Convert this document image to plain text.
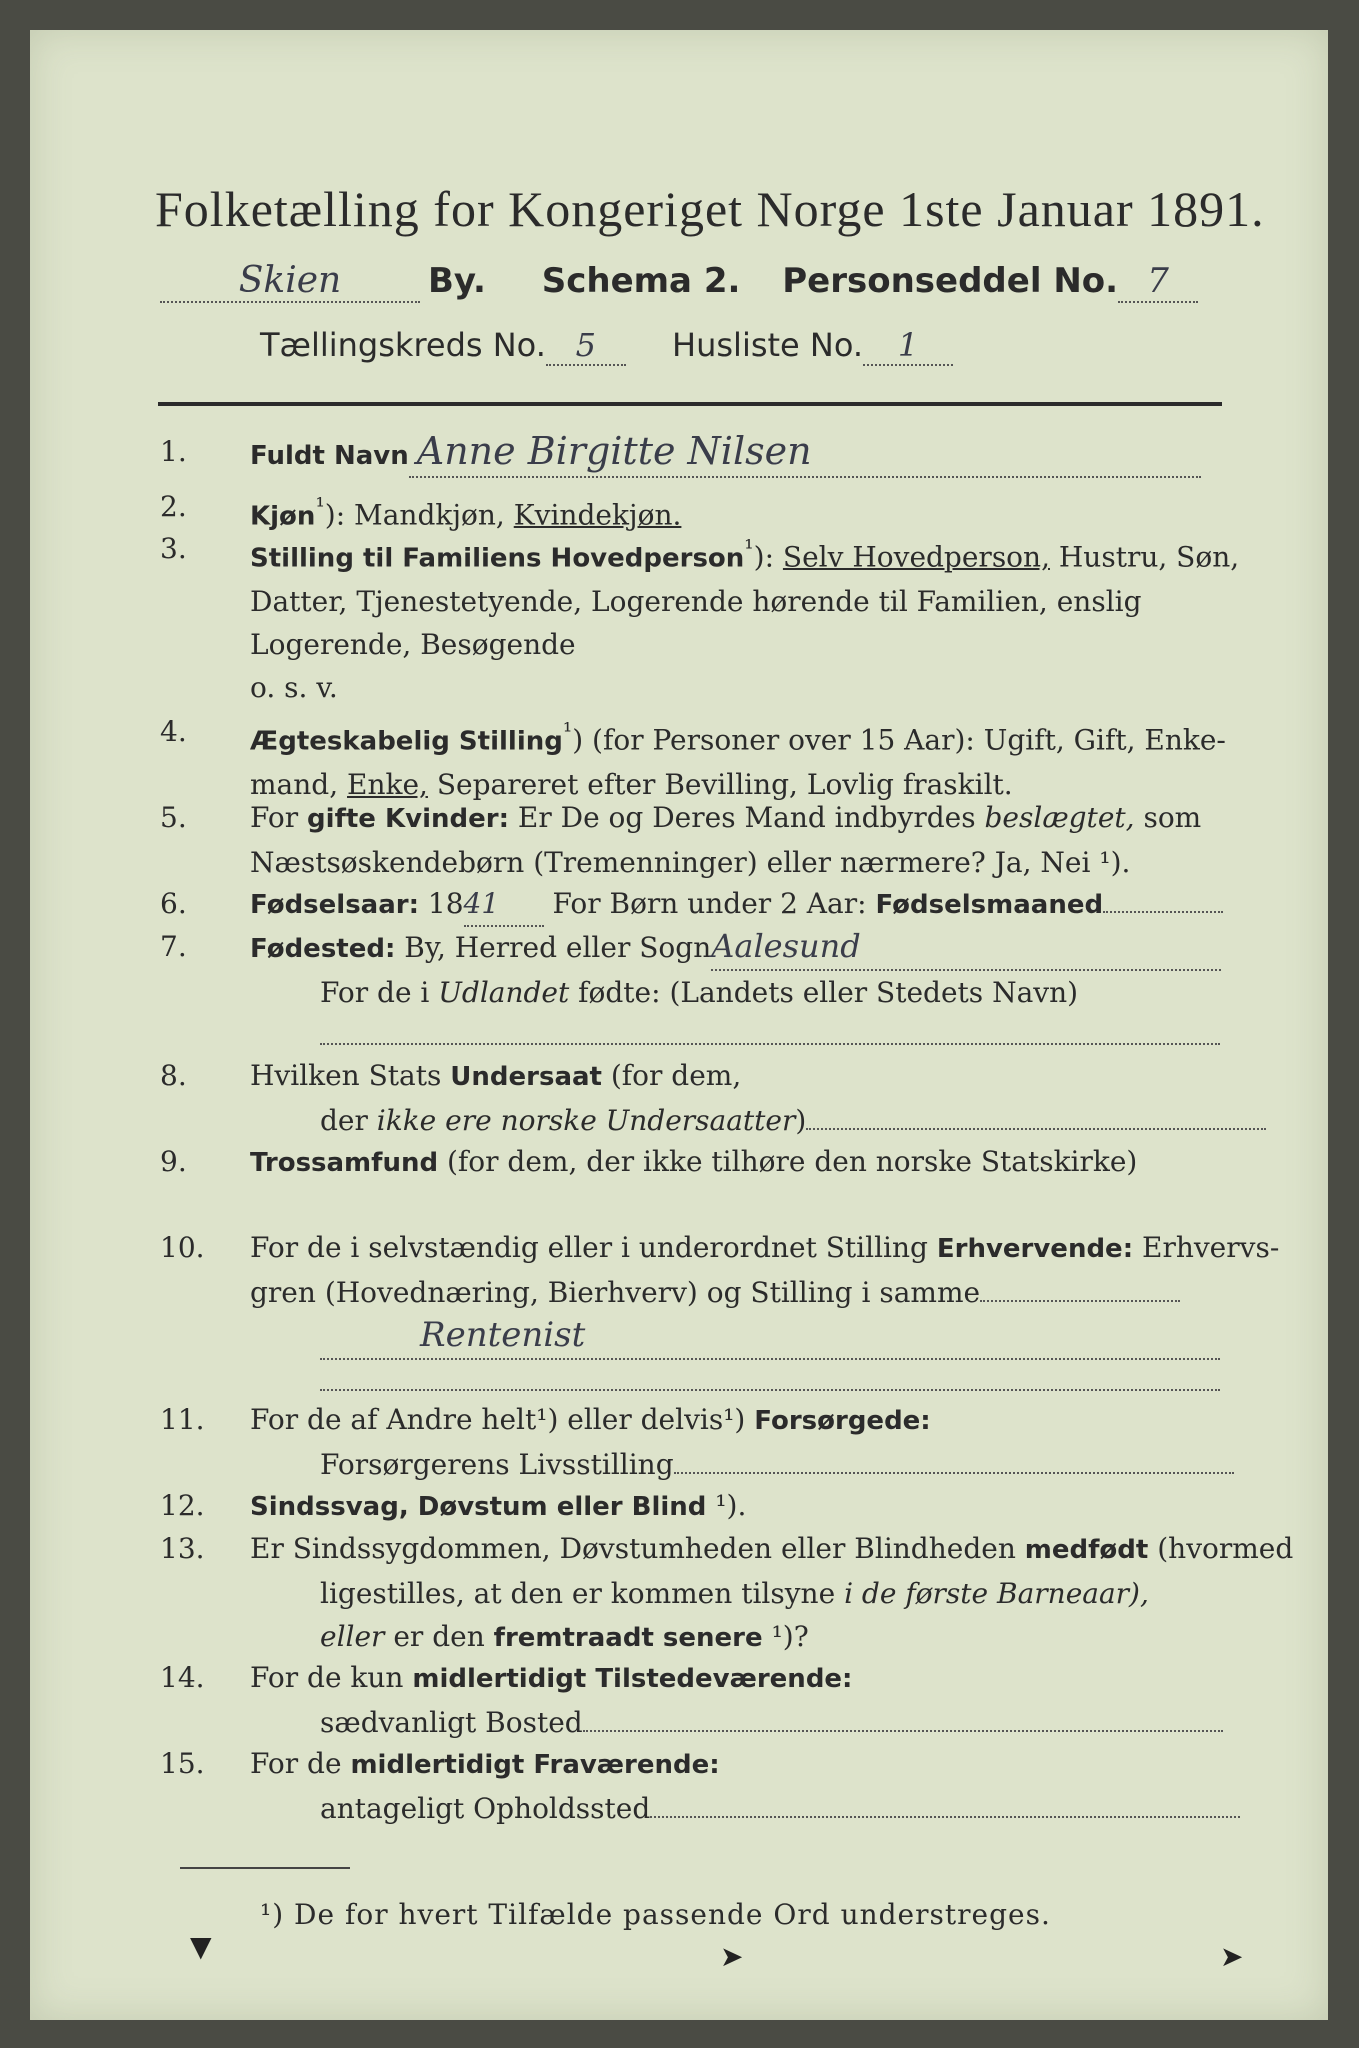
Folketælling for Kongeriget Norge 1ste Januar 1891.
Skien	By. Schema 2. Personseddel No. 7
Tællingskreds No. 5 Husliste No. 1
1.	Fuldt Navn Anne Birgitte Nilsen
2.	Kjøn$^{^1}$): Mandkjøn, Kvindekjøn.
3.	Stilling til Familiens Hovedperson$^{^1}$): Selv Hovedperson, Hustru, Søn,
Datter, Tjenestetyende, Logerende hørende til Familien, enslig
Logerende, Besøgende
o. s. v.
4.	Ægteskabelig Stilling$^{^1}$) (for Personer over 15 Aar): Ugift, Gift, Enke-
mand, Enke, Separeret efter Bevilling, Lovlig fraskilt.
5.	For gifte Kvinder: Er De og Deres Mand indbyrdes beslægtet, som
Næstsøskendebørn (Tremenninger) eller nærmere? Ja, Nei ¹).
6.	Fødselsaar: 1841 For Børn under 2 Aar: Fødselsmaaned
7.	Fødested: By, Herred eller SognAalesund
For de i Udlandet fødte: (Landets eller Stedets Navn)
8.	Hvilken Stats Undersaat (for dem,
der ikke ere norske Undersaatter)
9.	Trossamfund (for dem, der ikke tilhøre den norske Statskirke)
10. For de i selvstændig eller i underordnet Stilling Erhvervende: Erhvervs-
gren (Hovednæring, Bierhverv) og Stilling i samme
Rentenist
11. For de af Andre helt¹) eller delvis¹) Forsørgede:
Forsørgerens Livsstilling
12. Sindssvag, Døvstum eller Blind ¹).
13. Er Sindssygdommen, Døvstumheden eller Blindheden medfødt (hvormed
ligestilles, at den er kommen tilsyne i de første Barneaar),
eller er den fremtraadt senere ¹)?
14. For de kun midlertidigt Tilstedeværende:
sædvanligt Bosted
15. For de midlertidigt Fraværende:
antageligt Opholdssted
¹) De for hvert Tilfælde passende Ord understreges.
▼	➤	➤
